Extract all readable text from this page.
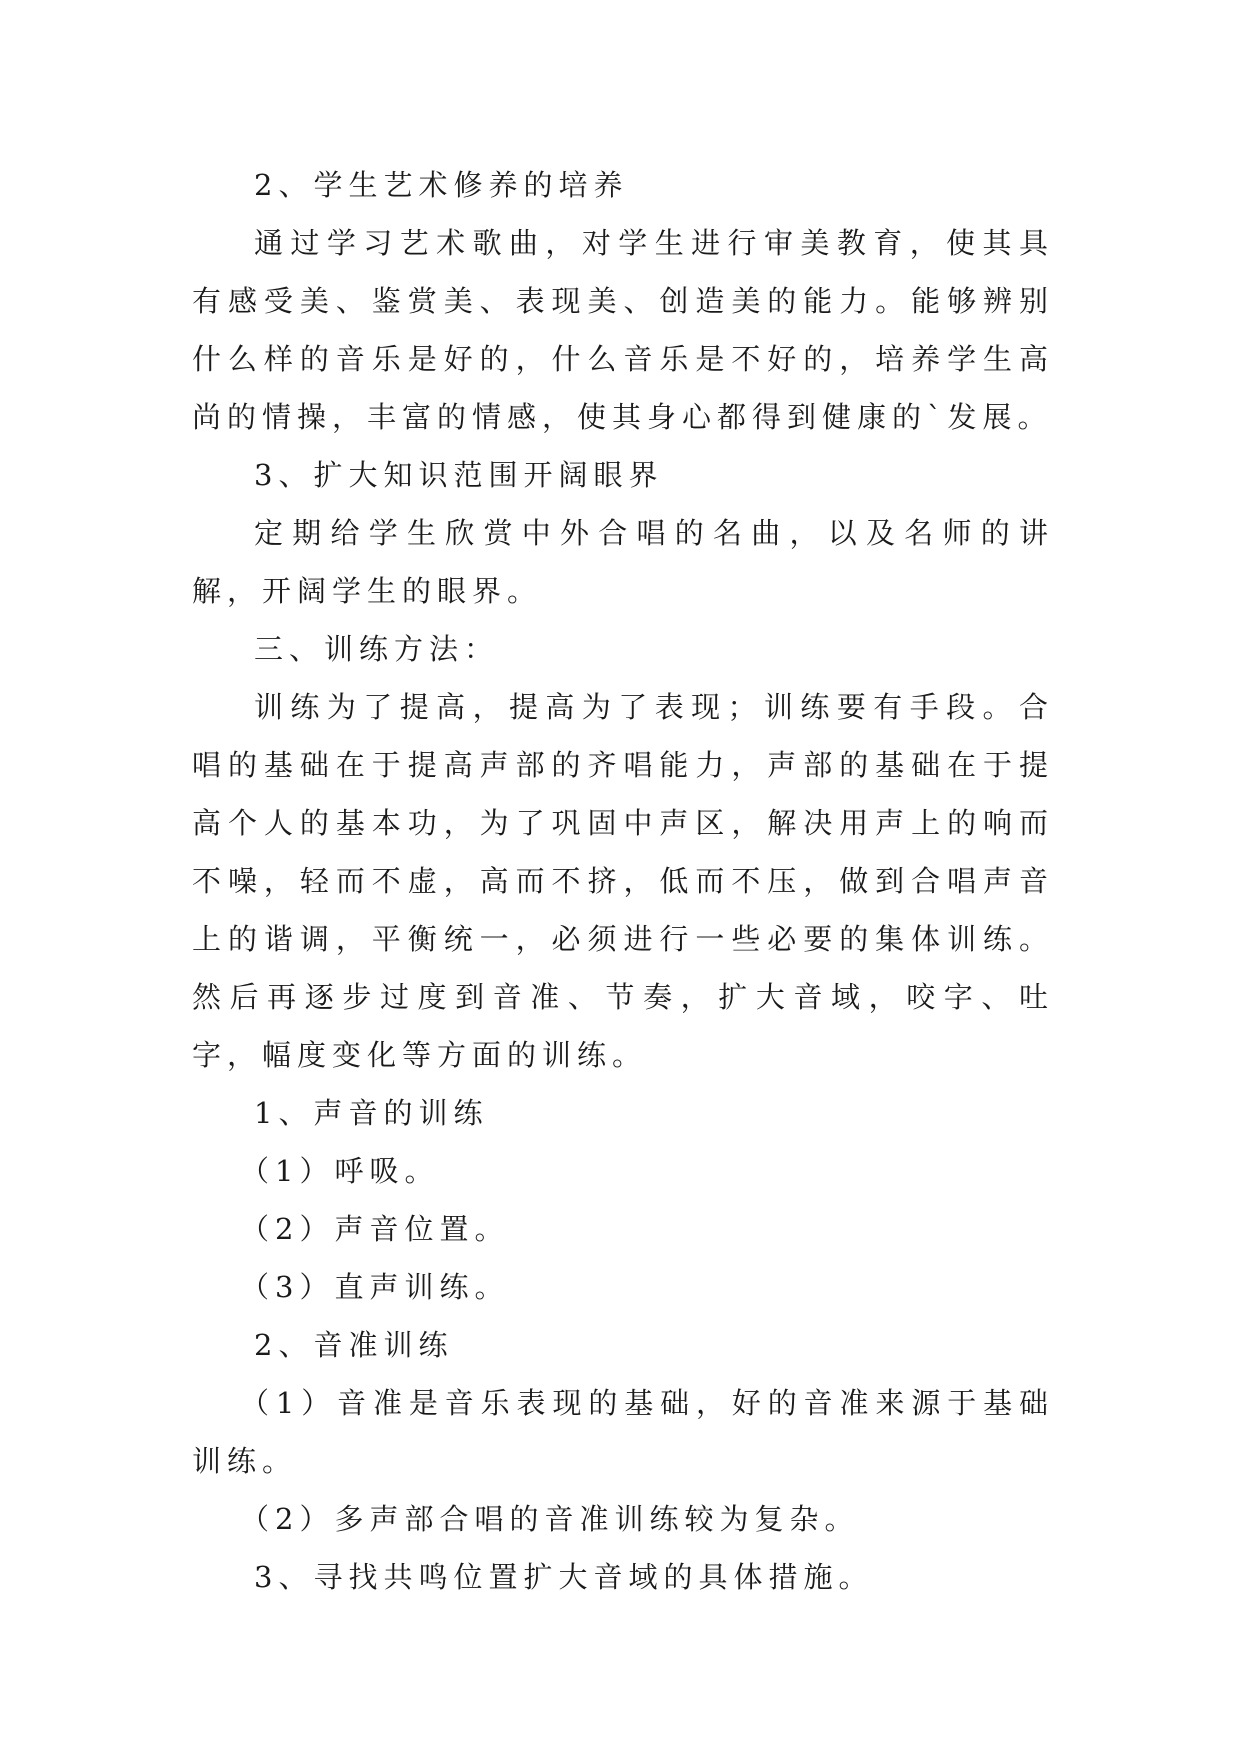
2、学生艺术修养的培养

通过学习艺术歌曲，对学生进行审美教育，使其具有感受美、鉴赏美、表现美、创造美的能力。能够辨别什么样的音乐是好的，什么音乐是不好的，培养学生高尚的情操，丰富的情感，使其身心都得到健康的`发展。

3、扩大知识范围开阔眼界

定期给学生欣赏中外合唱的名曲，以及名师的讲解，开阔学生的眼界。

三、训练方法：

训练为了提高，提高为了表现；训练要有手段。合唱的基础在于提高声部的齐唱能力，声部的基础在于提高个人的基本功，为了巩固中声区，解决用声上的响而不噪，轻而不虚，高而不挤，低而不压，做到合唱声音上的谐调，平衡统一，必须进行一些必要的集体训练。然后再逐步过度到音准、节奏，扩大音域，咬字、吐字，幅度变化等方面的训练。

1、声音的训练

（1）呼吸。

（2）声音位置。

（3）直声训练。

2、音准训练

（1）音准是音乐表现的基础，好的音准来源于基础训练。

（2）多声部合唱的音准训练较为复杂。

3、寻找共鸣位置扩大音域的具体措施。
